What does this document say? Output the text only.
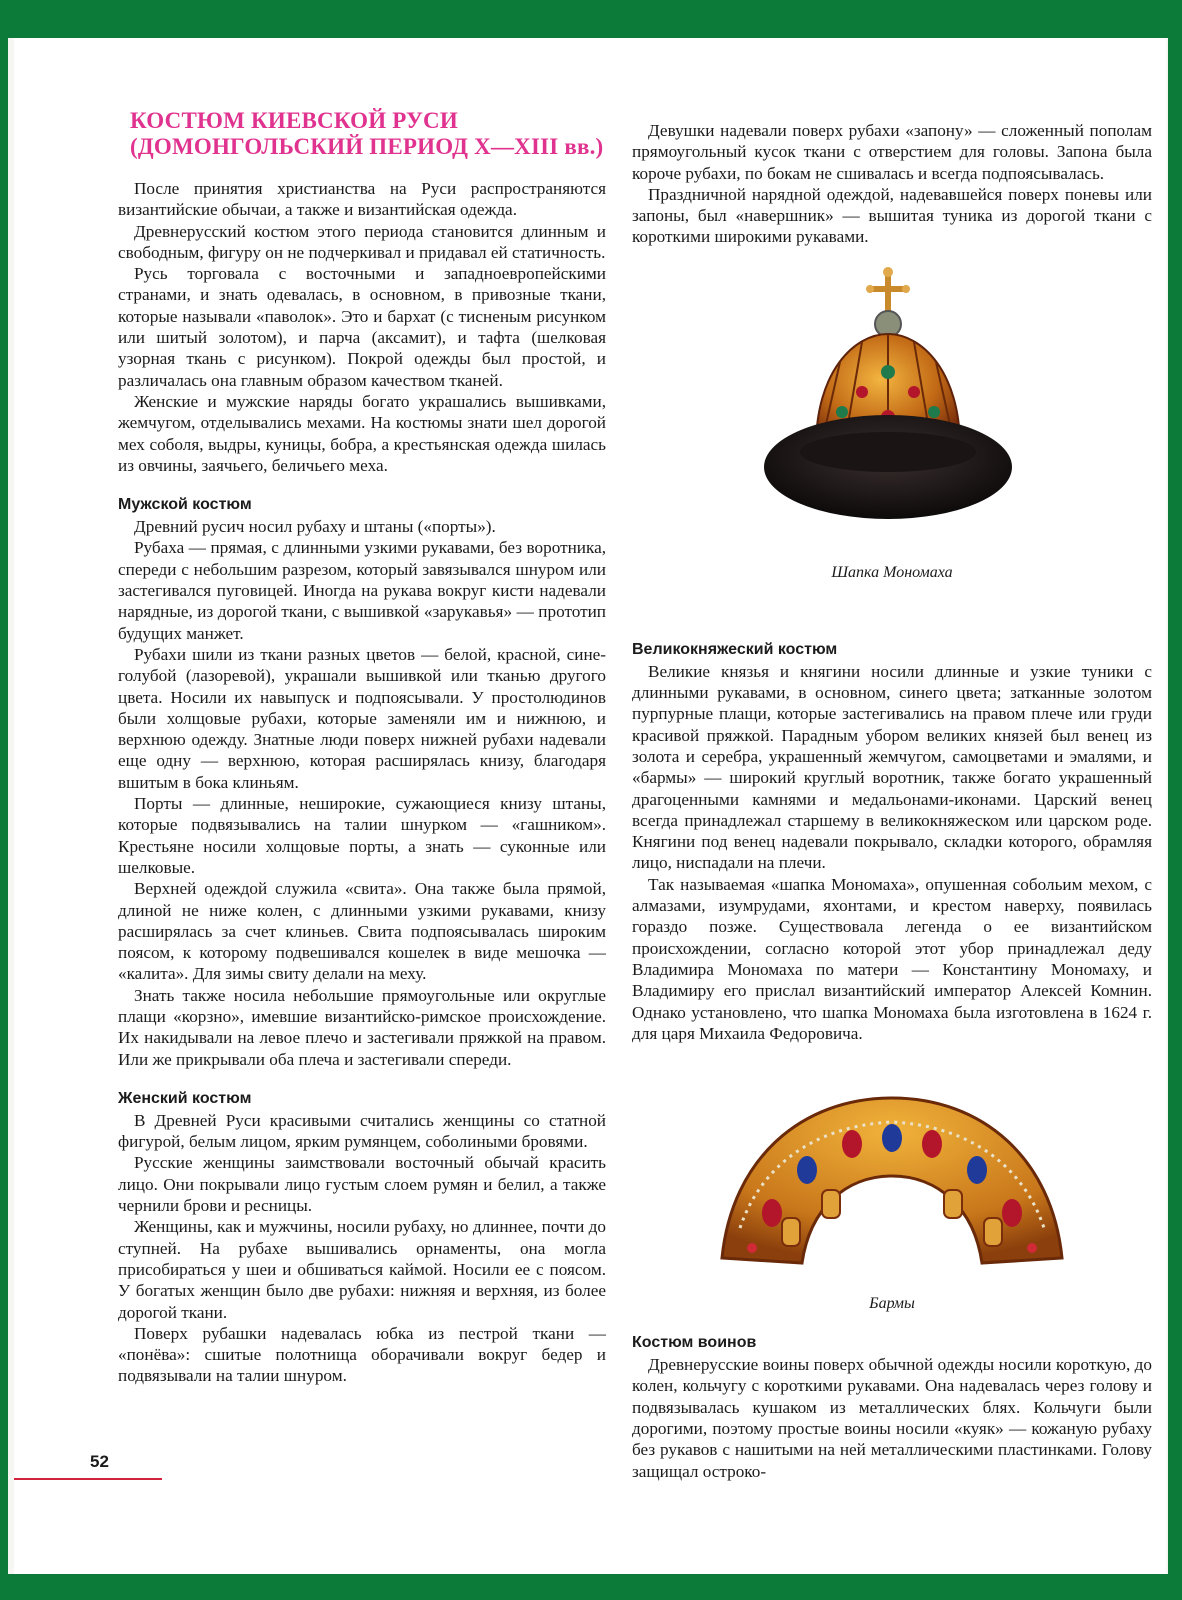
КОСТЮМ КИЕВСКОЙ РУСИ
(ДОМОНГОЛЬСКИЙ ПЕРИОД X—XIII вв.)

После принятия христианства на Руси распространяются византийские обычаи, а также и византийская одежда.

Древнерусский костюм этого периода становится длинным и свободным, фигуру он не подчеркивал и придавал ей статичность.

Русь торговала с восточными и западноевропейскими странами, и знать одевалась, в основном, в привозные ткани, которые называли «паволок». Это и бархат (с тисненым рисунком или шитый золотом), и парча (аксамит), и тафта (шелковая узорная ткань с рисунком). Покрой одежды был простой, и различалась она главным образом качеством тканей.

Женские и мужские наряды богато украшались вышивками, жемчугом, отделывались мехами. На костюмы знати шел дорогой мех соболя, выдры, куницы, бобра, а крестьянская одежда шилась из овчины, заячьего, беличьего меха.

Мужской костюм

Древний русич носил рубаху и штаны («порты»).

Рубаха — прямая, с длинными узкими рукавами, без воротника, спереди с небольшим разрезом, который завязывался шнуром или застегивался пуговицей. Иногда на рукава вокруг кисти надевали нарядные, из дорогой ткани, с вышивкой «зарукавья» — прототип будущих манжет.

Рубахи шили из ткани разных цветов — белой, красной, сине-голубой (лазоревой), украшали вышивкой или тканью другого цвета. Носили их навыпуск и подпоясывали. У простолюдинов были холщовые рубахи, которые заменяли им и нижнюю, и верхнюю одежду. Знатные люди поверх нижней рубахи надевали еще одну — верхнюю, которая расширялась книзу, благодаря вшитым в бока клиньям.

Порты — длинные, неширокие, сужающиеся книзу штаны, которые подвязывались на талии шнурком — «гашником». Крестьяне носили холщовые порты, а знать — суконные или шелковые.

Верхней одеждой служила «свита». Она также была прямой, длиной не ниже колен, с длинными узкими рукавами, книзу расширялась за счет клиньев. Свита подпоясывалась широким поясом, к которому подвешивался кошелек в виде мешочка — «калита». Для зимы свиту делали на меху.

Знать также носила небольшие прямоугольные или округлые плащи «корзно», имевшие византийско-римское происхождение. Их накидывали на левое плечо и застегивали пряжкой на правом. Или же прикрывали оба плеча и застегивали спереди.

Женский костюм

В Древней Руси красивыми считались женщины со статной фигурой, белым лицом, ярким румянцем, соболиными бровями.

Русские женщины заимствовали восточный обычай красить лицо. Они покрывали лицо густым слоем румян и белил, а также чернили брови и ресницы.

Женщины, как и мужчины, носили рубаху, но длиннее, почти до ступней. На рубахе вышивались орнаменты, она могла присобираться у шеи и обшиваться каймой. Носили ее с поясом. У богатых женщин было две рубахи: нижняя и верхняя, из более дорогой ткани.

Поверх рубашки надевалась юбка из пестрой ткани — «понёва»: сшитые полотнища оборачивали вокруг бедер и подвязывали на талии шнуром.

Девушки надевали поверх рубахи «запону» — сложенный пополам прямоугольный кусок ткани с отверстием для головы. Запона была короче рубахи, по бокам не сшивалась и всегда подпоясывалась.

Праздничной нарядной одеждой, надевавшейся поверх поневы или запоны, был «навершник» — вышитая туника из дорогой ткани с короткими широкими рукавами.

Шапка Мономаха
Великокняжеский костюм

Великие князья и княгини носили длинные и узкие туники с длинными рукавами, в основном, синего цвета; затканные золотом пурпурные плащи, которые застегивались на правом плече или груди красивой пряжкой. Парадным убором великих князей был венец из золота и серебра, украшенный жемчугом, самоцветами и эмалями, и «бармы» — широкий круглый воротник, также богато украшенный драгоценными камнями и медальонами-иконами. Царский венец всегда принадлежал старшему в великокняжеском или царском роде. Княгини под венец надевали покрывало, складки которого, обрамляя лицо, ниспадали на плечи.

Так называемая «шапка Мономаха», опушенная собольим мехом, с алмазами, изумрудами, яхонтами, и крестом наверху, появилась гораздо позже. Существовала легенда о ее византийском происхождении, согласно которой этот убор принадлежал деду Владимира Мономаха по матери — Константину Мономаху, и Владимиру его прислал византийский император Алексей Комнин. Однако установлено, что шапка Мономаха была изготовлена в 1624 г. для царя Михаила Федоровича.

Бармы
Костюм воинов

Древнерусские воины поверх обычной одежды носили короткую, до колен, кольчугу с короткими рукавами. Она надевалась через голову и подвязывалась кушаком из металлических блях. Кольчуги были дорогими, поэтому простые воины носили «куяк» — кожаную рубаху без рукавов с нашитыми на ней металлическими пластинками. Голову защищал остроко-

52
